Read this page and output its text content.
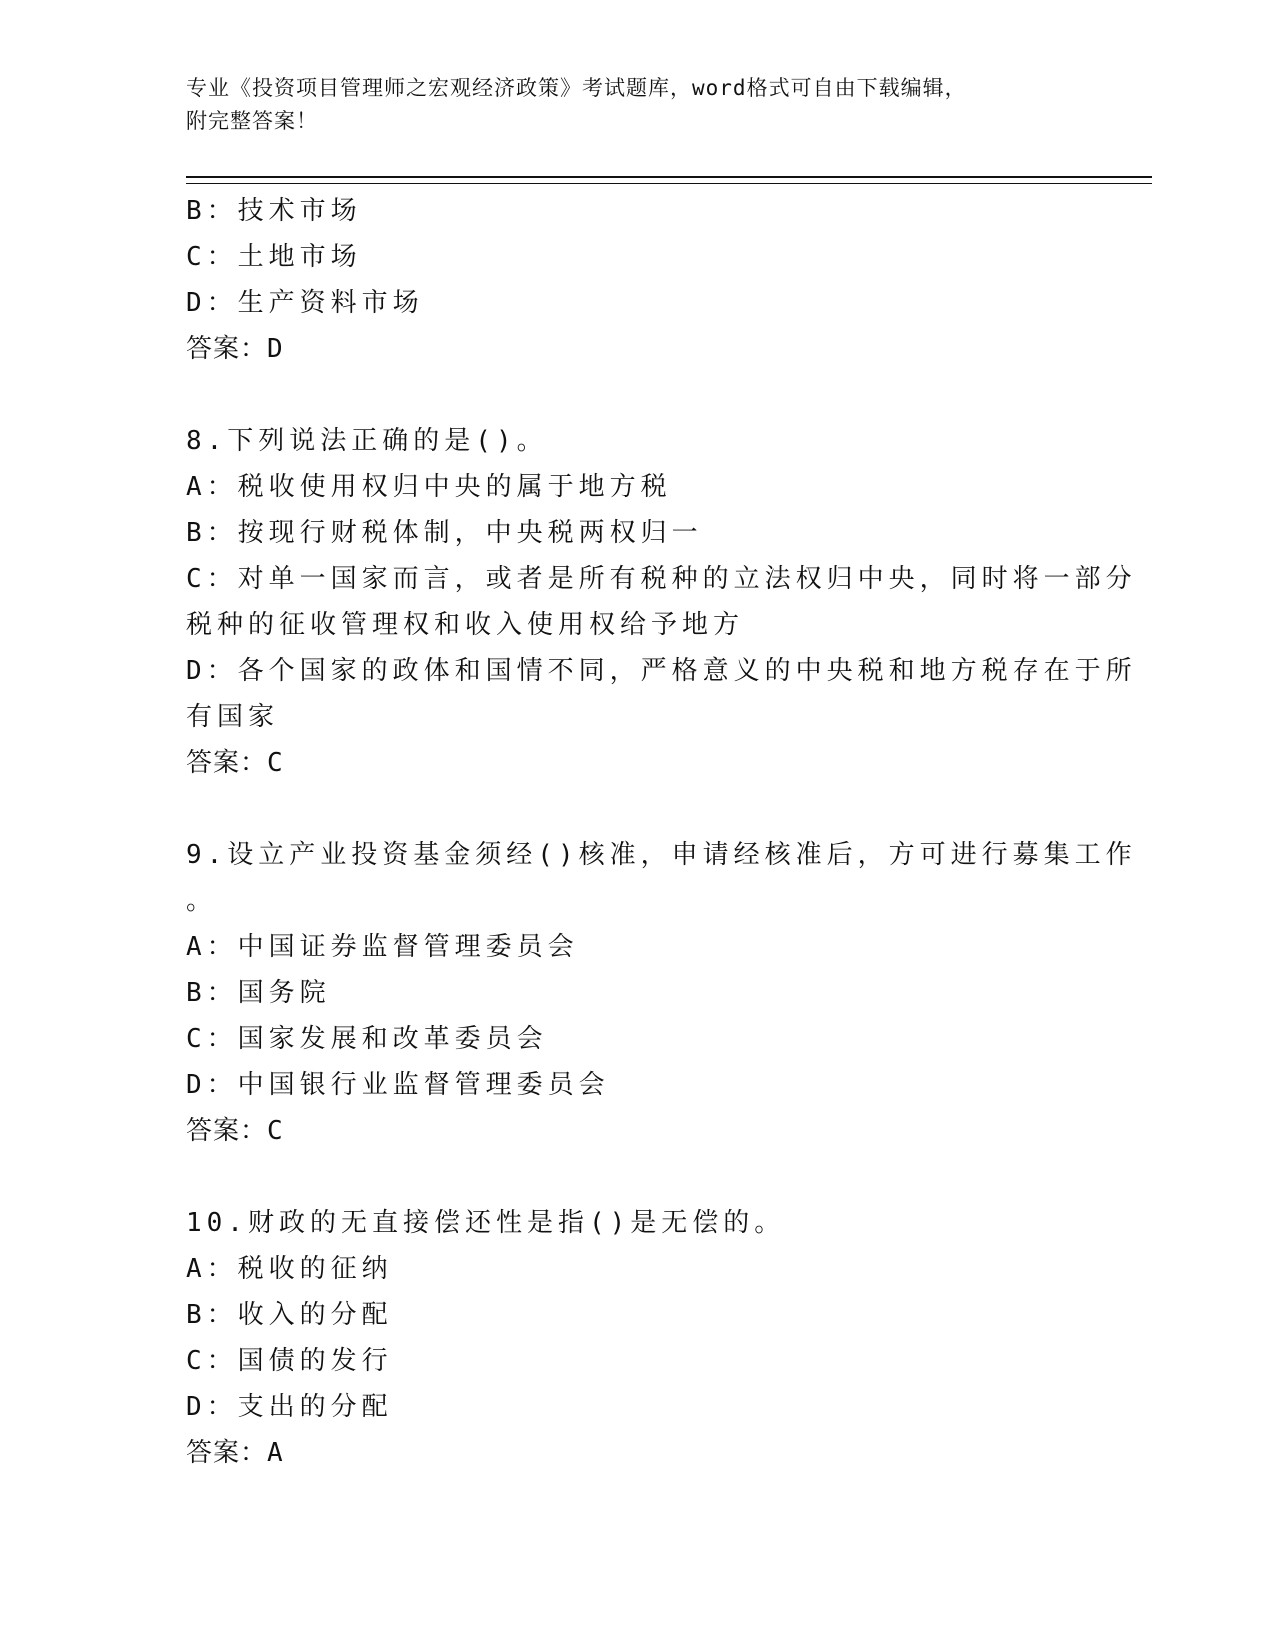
专业《投资项目管理师之宏观经济政策》考试题库，word格式可自由下载编辑，
附完整答案！
B：技术市场
C：土地市场
D：生产资料市场
答案：D
8.下列说法正确的是()。
A：税收使用权归中央的属于地方税
B：按现行财税体制，中央税两权归一
C：对单一国家而言，或者是所有税种的立法权归中央，同时将一部分
税种的征收管理权和收入使用权给予地方
D：各个国家的政体和国情不同，严格意义的中央税和地方税存在于所
有国家
答案：C
9.设立产业投资基金须经()核准，申请经核准后，方可进行募集工作
。
A：中国证券监督管理委员会
B：国务院
C：国家发展和改革委员会
D：中国银行业监督管理委员会
答案：C
10.财政的无直接偿还性是指()是无偿的。
A：税收的征纳
B：收入的分配
C：国债的发行
D：支出的分配
答案：A
